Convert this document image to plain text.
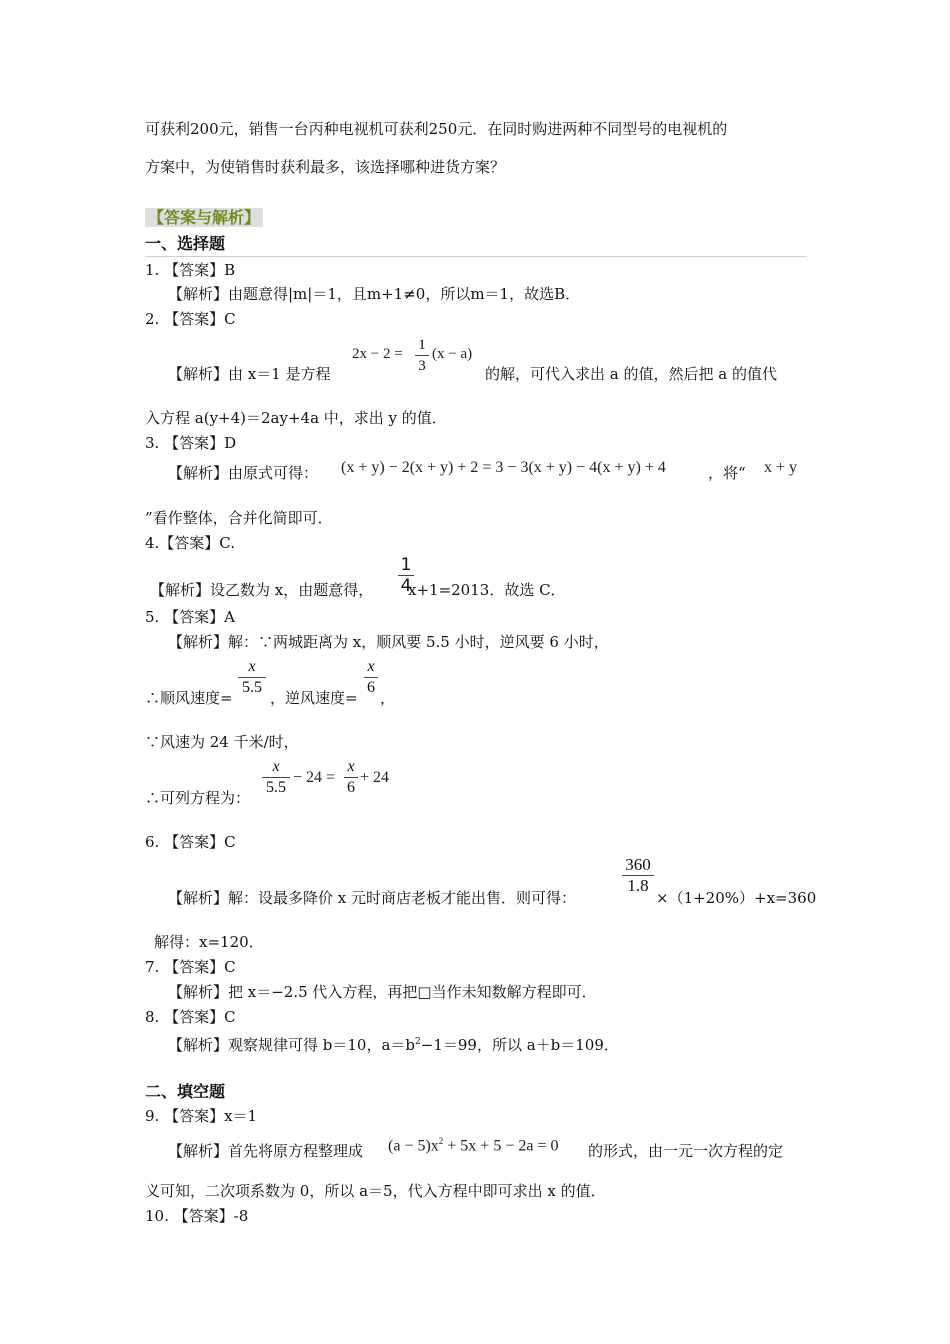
可获利200元，销售一台丙种电视机可获利250元．在同时购进两种不同型号的电视机的
方案中，为使销售时获利最多，该选择哪种进货方案？
【答案与解析】
一、选择题
1. 【答案】B
【解析】由题意得|m|＝1，且m+1≠0，所以m＝1，故选B．
2. 【答案】C
【解析】由 x＝1 是方程
2x − 2 =
1
3
(x − a)
的解，可代入求出 a 的值，然后把 a 的值代
入方程 a(y+4)＝2ay+4a 中，求出 y 的值．
3. 【答案】D
【解析】由原式可得： (x + y) − 2(x + y) + 2 = 3 − 3(x + y) − 4(x + y) + 4	，将“ x + y
”看作整体，合并化简即可．
4.【答案】C.
【解析】设乙数为 x，由题意得，
1
4
x+1=2013．故选 C．
5. 【答案】A
【解析】解：∵两城距离为 x，顺风要 5.5 小时，逆风要 6 小时，
∴顺风速度=
x
5.5
，逆风速度=
x
6
，
∵风速为 24 千米/时，
∴可列方程为：
x
5.5
− 24 =
x
6
+ 24
6. 【答案】C
【解析】解：设最多降价 x 元时商店老板才能出售．则可得：
360
1.8
×（1+20%）+x=360
解得：x=120．
7. 【答案】C
【解析】把 x＝−2.5 代入方程，再把□当作未知数解方程即可．
8. 【答案】C
【解析】观察规律可得 b＝10，$a=b^2-1=99$，所以 a＋b＝109．
二、填空题
9. 【答案】x＝1
【解析】首先将原方程整理成 $(a - 5)x^2 + 5x + 5 - 2a = 0$ 的形式，由一元一次方程的定
义可知，二次项系数为 0，所以 a＝5，代入方程中即可求出 x 的值．
10. 【答案】-8
